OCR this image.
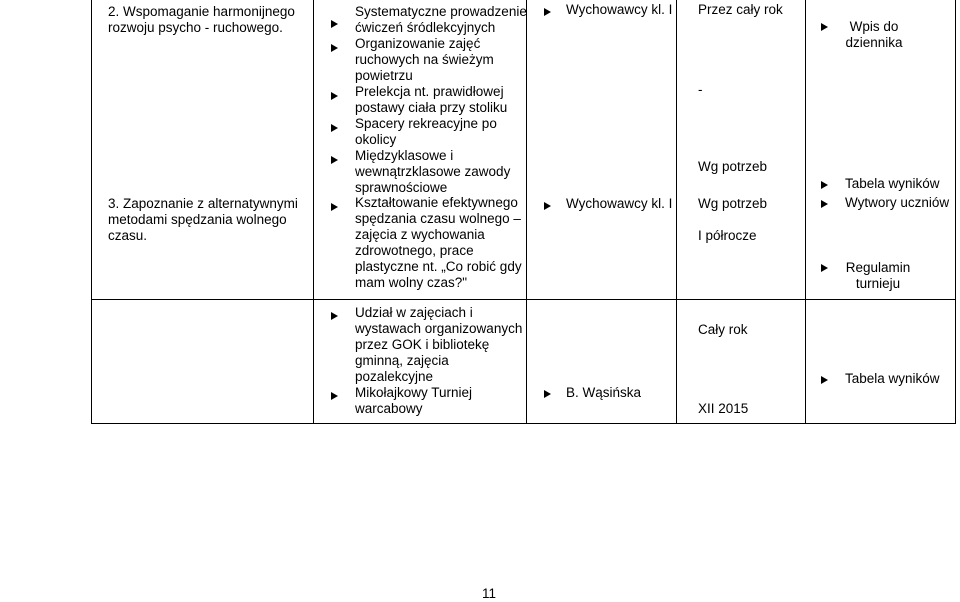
2. Wspomaganie harmonijnego
rozwoju psycho - ruchowego.
3. Zapoznanie z alternatywnymi
metodami spędzania wolnego
czasu.
Systematyczne prowadzenie
ćwiczeń śródlekcyjnych
Organizowanie zajęć
ruchowych na świeżym
powietrzu
Prelekcja nt. prawidłowej
postawy ciała przy stoliku
Spacery rekreacyjne po
okolicy
Międzyklasowe i
wewnątrzklasowe zawody
sprawnościowe
Kształtowanie efektywnego
spędzania czasu wolnego –
zajęcia z wychowania
zdrowotnego, prace
plastyczne nt. „Co robić gdy
mam wolny czas?"
Udział w zajęciach i
wystawach organizowanych
przez GOK i bibliotekę
gminną, zajęcia
pozalekcyjne
Mikołajkowy Turniej
warcabowy
Wychowawcy kl. I
Wychowawcy kl. I
B. Wąsińska
Przez cały rok
-
Wg potrzeb
Wg potrzeb
I półrocze
Cały rok
XII 2015
Wpis do
dziennika
Tabela wyników
Wytwory uczniów
Regulamin
turnieju
Tabela wyników
11
